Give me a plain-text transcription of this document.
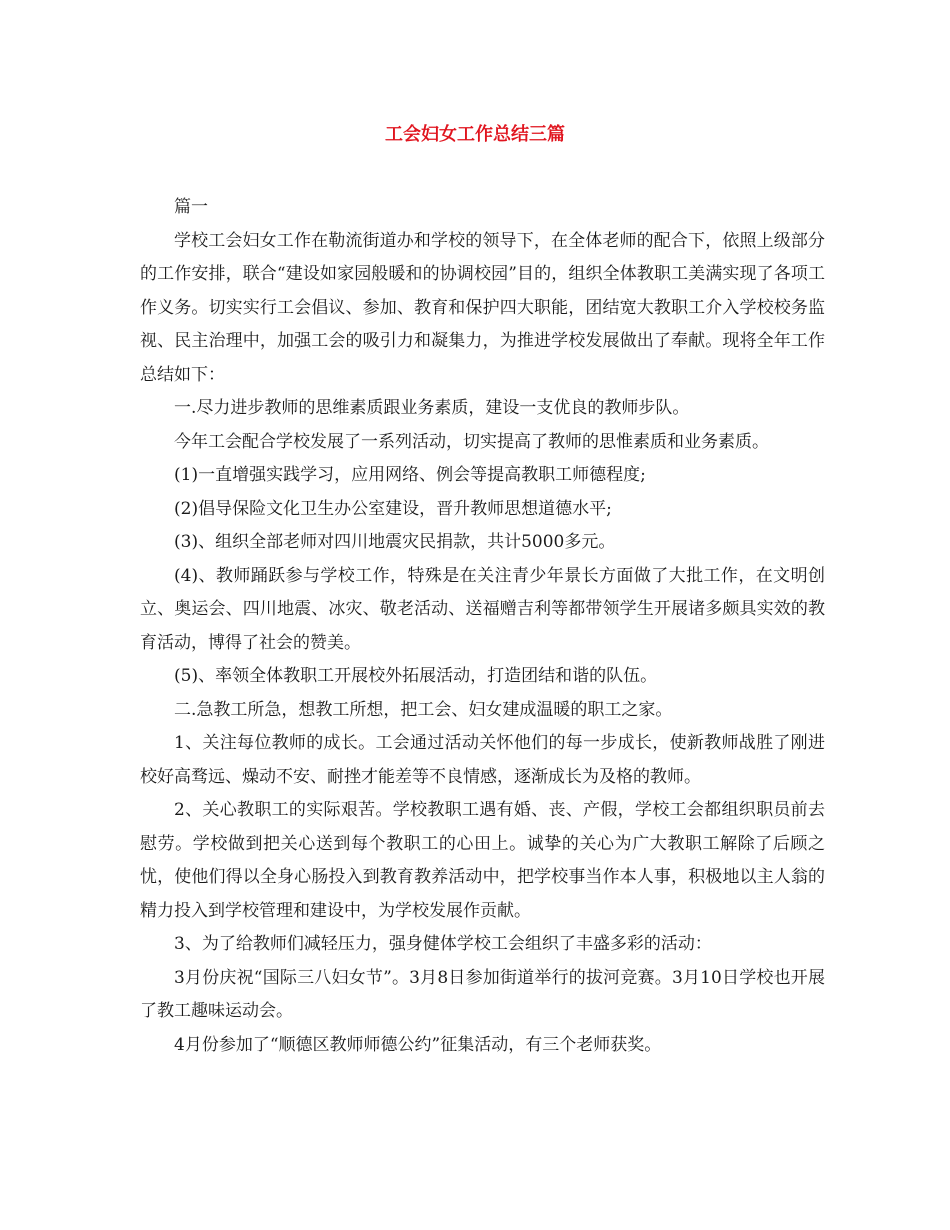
工会妇女工作总结三篇

篇一

学校工会妇女工作在勒流街道办和学校的领导下，在全体老师的配合下，依照上级部分的工作安排，联合“建设如家园般暖和的协调校园”目的，组织全体教职工美满实现了各项工作义务。切实实行工会倡议、参加、教育和保护四大职能，团结宽大教职工介入学校校务监视、民主治理中，加强工会的吸引力和凝集力，为推进学校发展做出了奉献。现将全年工作总结如下：

一.尽力进步教师的思维素质跟业务素质，建设一支优良的教师步队。

今年工会配合学校发展了一系列活动，切实提高了教师的思惟素质和业务素质。

(1)一直增强实践学习，应用网络、例会等提高教职工师德程度;

(2)倡导保险文化卫生办公室建设，晋升教师思想道德水平;

(3)、组织全部老师对四川地震灾民捐款，共计5000多元。

(4)、教师踊跃参与学校工作，特殊是在关注青少年景长方面做了大批工作，在文明创立、奥运会、四川地震、冰灾、敬老活动、送福赠吉利等都带领学生开展诸多颇具实效的教育活动，博得了社会的赞美。

(5)、率领全体教职工开展校外拓展活动，打造团结和谐的队伍。

二.急教工所急，想教工所想，把工会、妇女建成温暖的职工之家。

1、关注每位教师的成长。工会通过活动关怀他们的每一步成长，使新教师战胜了刚进校好高骛远、燥动不安、耐挫才能差等不良情感，逐渐成长为及格的教师。

2、关心教职工的实际艰苦。学校教职工遇有婚、丧、产假，学校工会都组织职员前去慰劳。学校做到把关心送到每个教职工的心田上。诚挚的关心为广大教职工解除了后顾之忧，使他们得以全身心肠投入到教育教养活动中，把学校事当作本人事，积极地以主人翁的精力投入到学校管理和建设中，为学校发展作贡献。

3、为了给教师们减轻压力，强身健体学校工会组织了丰盛多彩的活动：

3月份庆祝“国际三八妇女节”。3月8日参加街道举行的拔河竞赛。3月10日学校也开展了教工趣味运动会。

4月份参加了“顺德区教师师德公约”征集活动，有三个老师获奖。
